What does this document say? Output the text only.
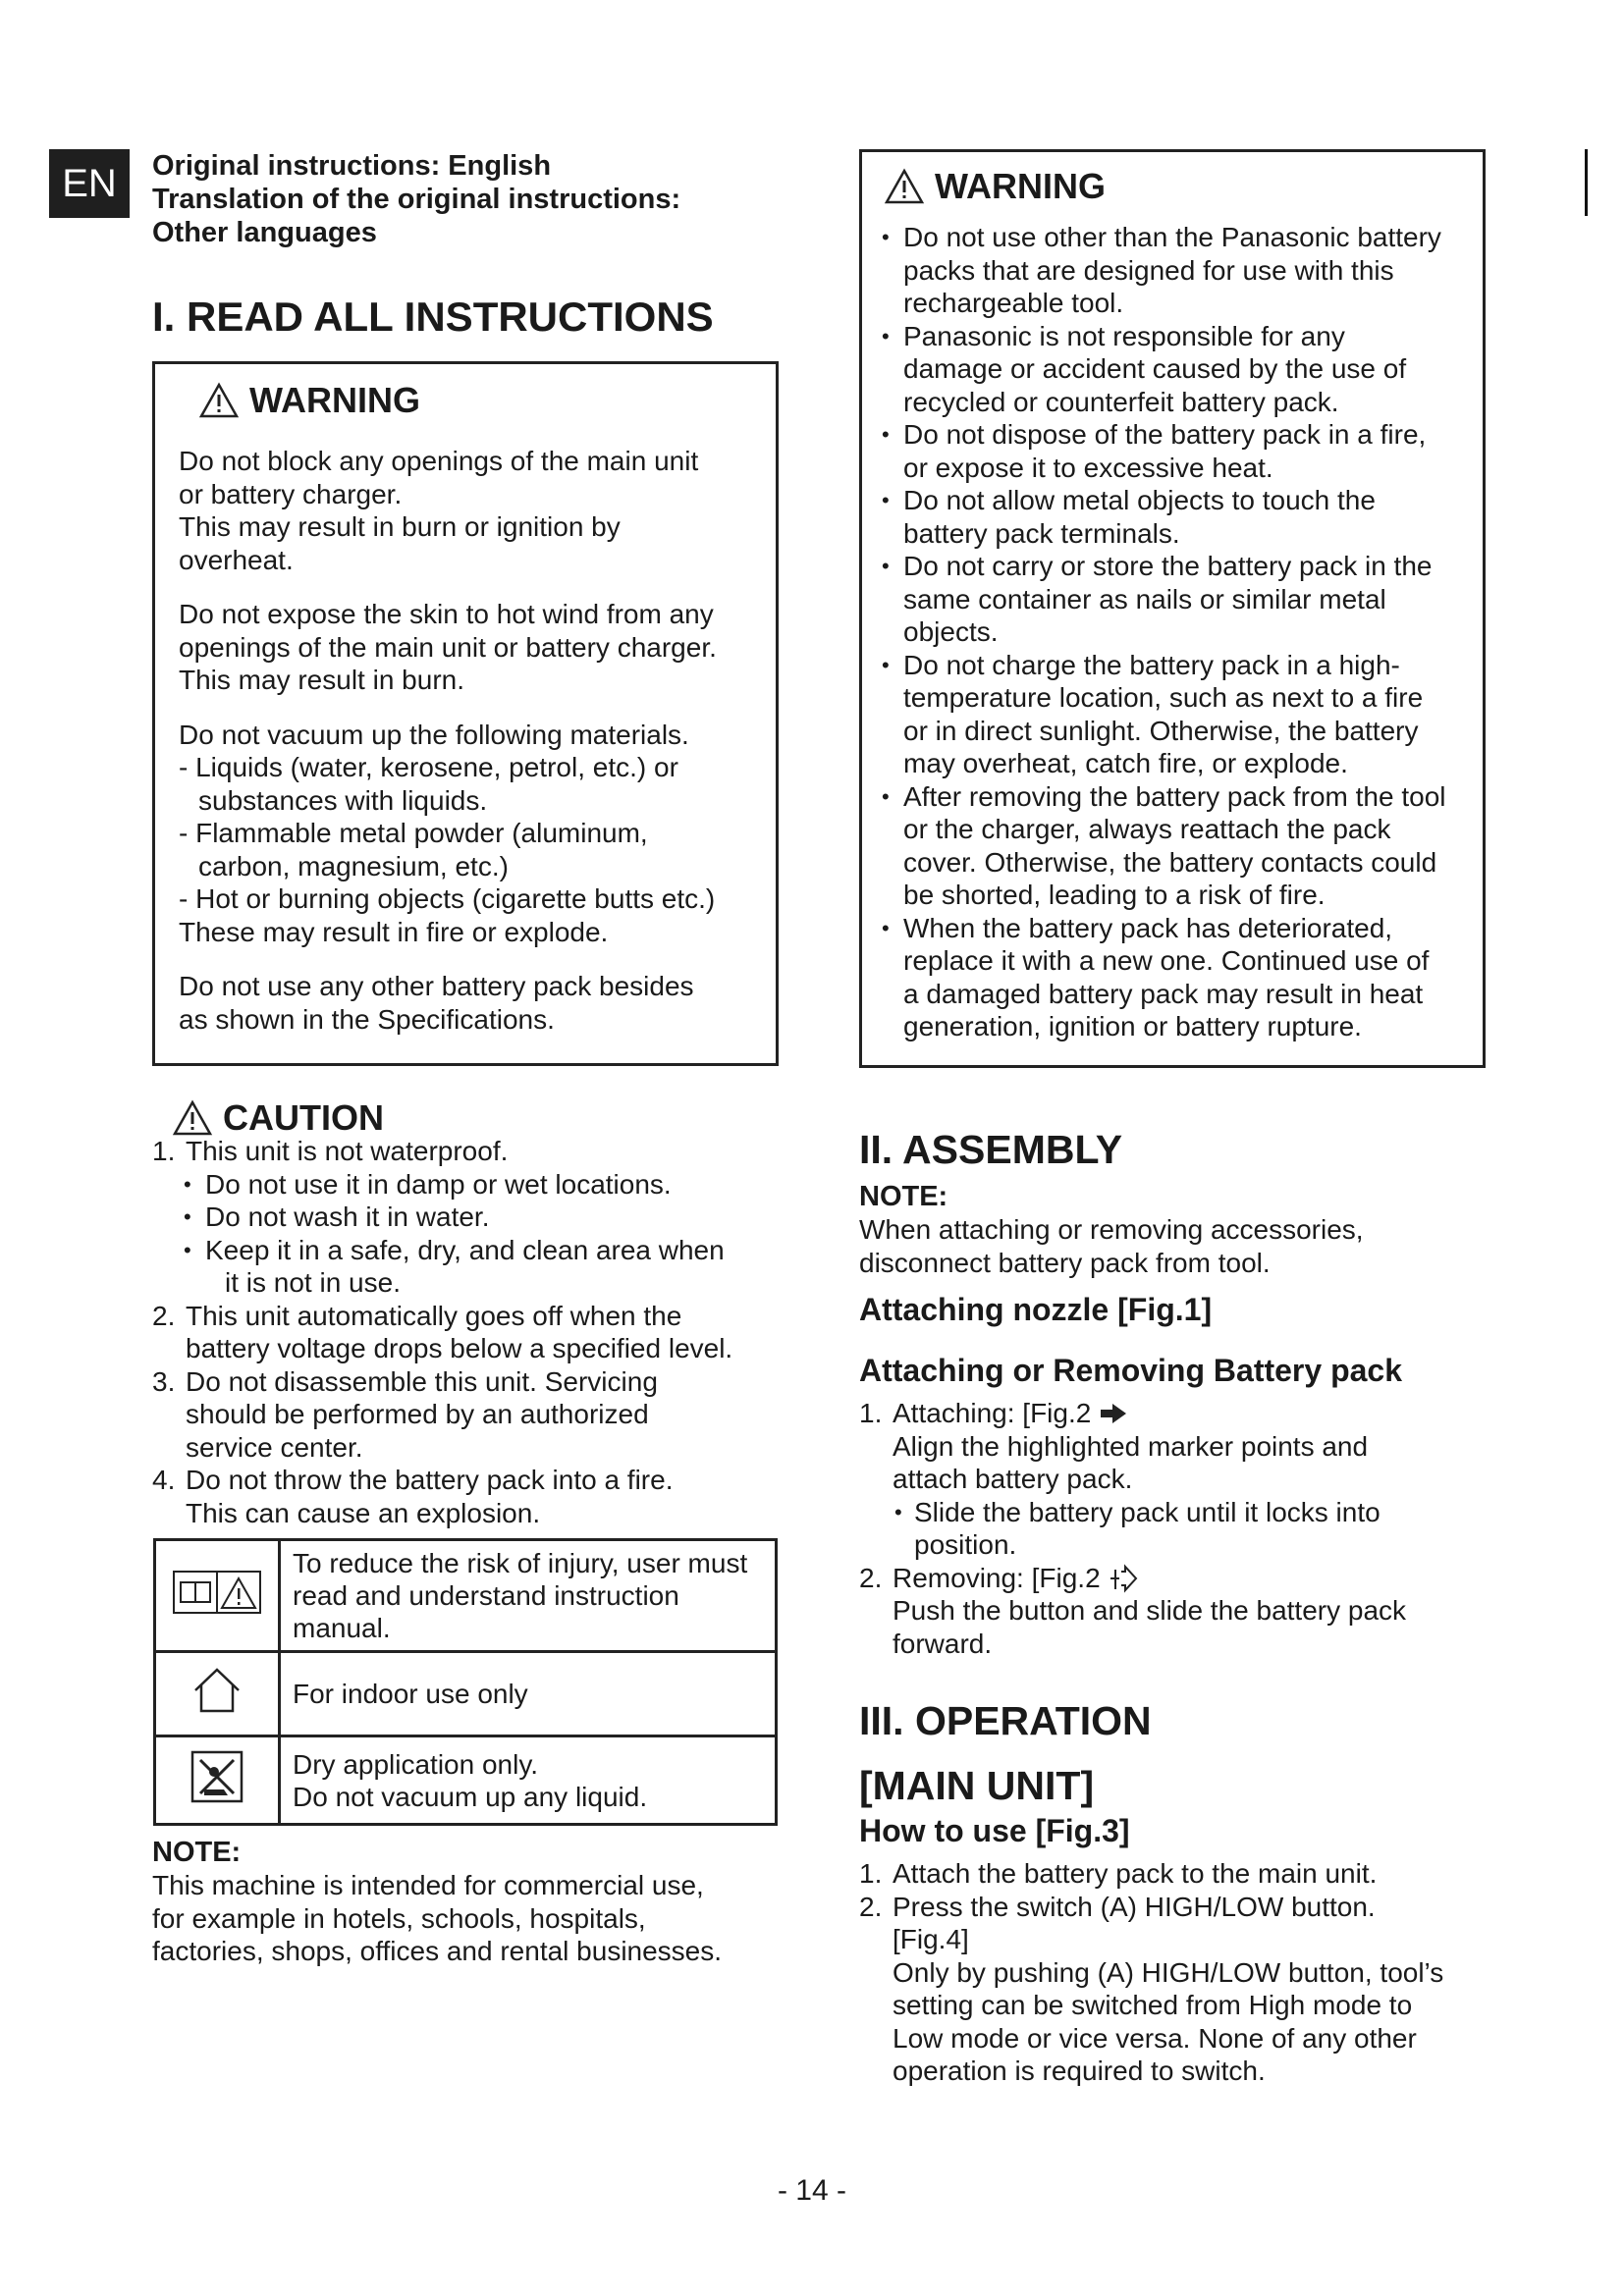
EN	Original instructions: English
Translation of the original instructions:
Other languages
I. READ ALL INSTRUCTIONS
WARNING

Do not block any openings of the main unit

or battery charger.

This may result in burn or ignition by

overheat.

Do not expose the skin to hot wind from any

openings of the main unit or battery charger.

This may result in burn.

Do not vacuum up the following materials.

- Liquids (water, kerosene, petrol, etc.) or

substances with liquids.

- Flammable metal powder (aluminum,

carbon, magnesium, etc.)

- Hot or burning objects (cigarette butts etc.)

These may result in fire or explode.

Do not use any other battery pack besides

as shown in the Specifications.

CAUTION
1. This unit is not waterproof.
• Do not use it in damp or wet locations.
• Do not wash it in water.
• Keep it in a safe, dry, and clean area when
it is not in use.
2. This unit automatically goes off when the
battery voltage drops below a specified level.
3. Do not disassemble this unit. Servicing
should be performed by an authorized
service center.
4. Do not throw the battery pack into a fire.
This can cause an explosion.
	To reduce the risk of injury, user must
read and understand instruction
manual.
	For indoor use only
	Dry application only.
Do not vacuum up any liquid.

NOTE:

This machine is intended for commercial use,

for example in hotels, schools, hospitals,

factories, shops, offices and rental businesses.

WARNING
• Do not use other than the Panasonic battery
packs that are designed for use with this
rechargeable tool.
• Panasonic is not responsible for any
damage or accident caused by the use of
recycled or counterfeit battery pack.
• Do not dispose of the battery pack in a fire,
or expose it to excessive heat.
• Do not allow metal objects to touch the
battery pack terminals.
• Do not carry or store the battery pack in the
same container as nails or similar metal
objects.
• Do not charge the battery pack in a high-
temperature location, such as next to a fire
or in direct sunlight. Otherwise, the battery
may overheat, catch fire, or explode.
• After removing the battery pack from the tool
or the charger, always reattach the pack
cover. Otherwise, the battery contacts could
be shorted, leading to a risk of fire.
• When the battery pack has deteriorated,
replace it with a new one. Continued use of
a damaged battery pack may result in heat
generation, ignition or battery rupture.

II. ASSEMBLY

NOTE:

When attaching or removing accessories,

disconnect battery pack from tool.

Attaching nozzle [Fig.1]

Attaching or Removing Battery pack

1. Attaching: [Fig.2
Align the highlighted marker points and
attach battery pack.
• Slide the battery pack until it locks into
position.
2. Removing: [Fig.2
Push the button and slide the battery pack
forward.

III. OPERATION

[MAIN UNIT]

How to use [Fig.3]

1. Attach the battery pack to the main unit.
2. Press the switch (A) HIGH/LOW button.
[Fig.4]
Only by pushing (A) HIGH/LOW button, tool’s
setting can be switched from High mode to
Low mode or vice versa. None of any other
operation is required to switch.
- 14 -
